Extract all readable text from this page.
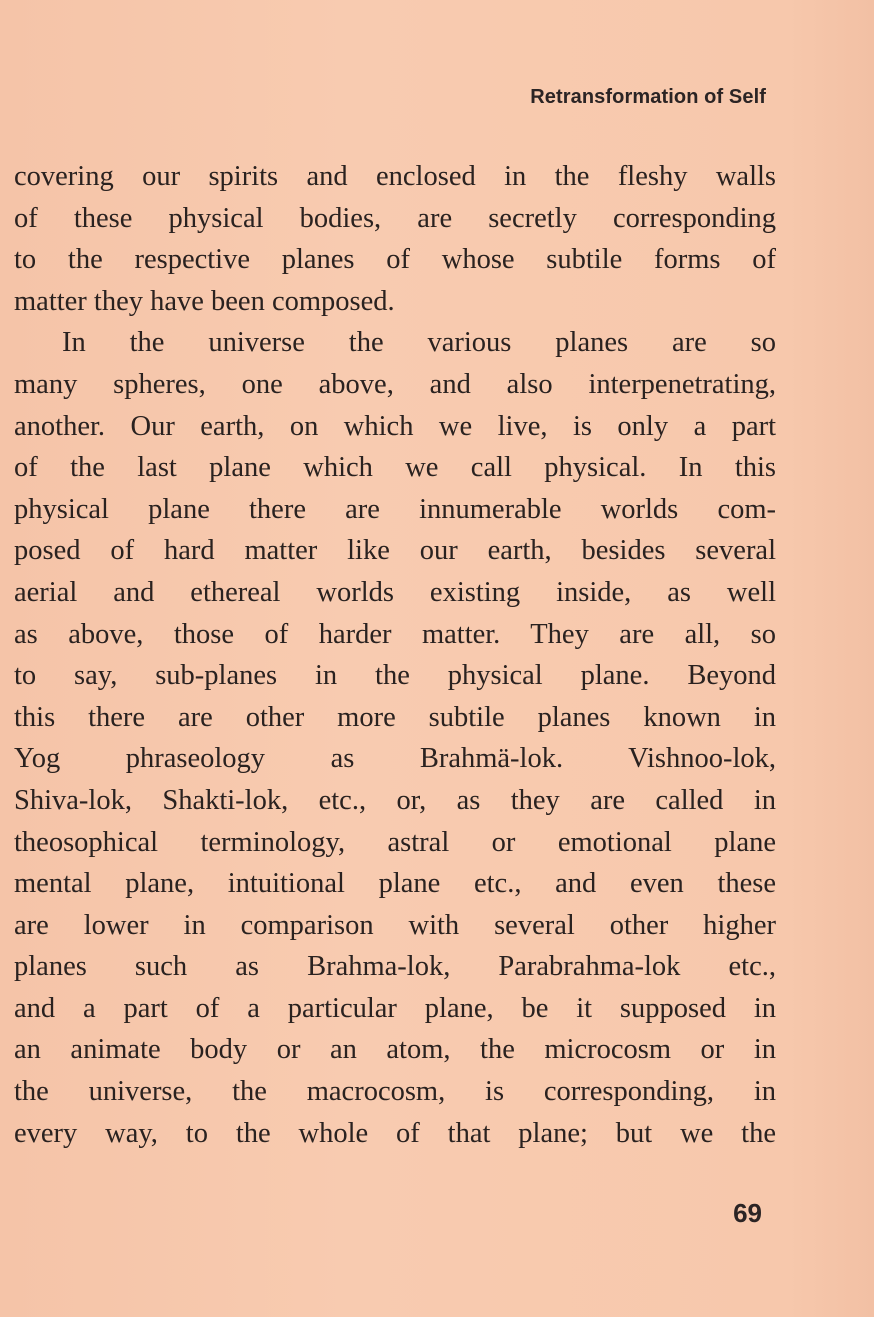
Retransformation of Self
covering our spirits and enclosed in the fleshy walls
of these physical bodies, are secretly corresponding
to the respective planes of whose subtile forms of
matter they have been composed.
In the universe the various planes are so
many spheres, one above, and also interpenetrating,
another. Our earth, on which we live, is only a part
of the last plane which we call physical. In this
physical plane there are innumerable worlds com-
posed of hard matter like our earth, besides several
aerial and ethereal worlds existing inside, as well
as above, those of harder matter. They are all, so
to say, sub-planes in the physical plane. Beyond
this there are other more subtile planes known in
Yog phraseology as Brahmä-lok. Vishnoo-lok,
Shiva-lok, Shakti-lok, etc., or, as they are called in
theosophical terminology, astral or emotional plane
mental plane, intuitional plane etc., and even these
are lower in comparison with several other higher
planes such as Brahma-lok, Parabrahma-lok etc.,
and a part of a particular plane, be it supposed in
an animate body or an atom, the microcosm or in
the universe, the macrocosm, is corresponding, in
every way, to the whole of that plane; but we the
69
